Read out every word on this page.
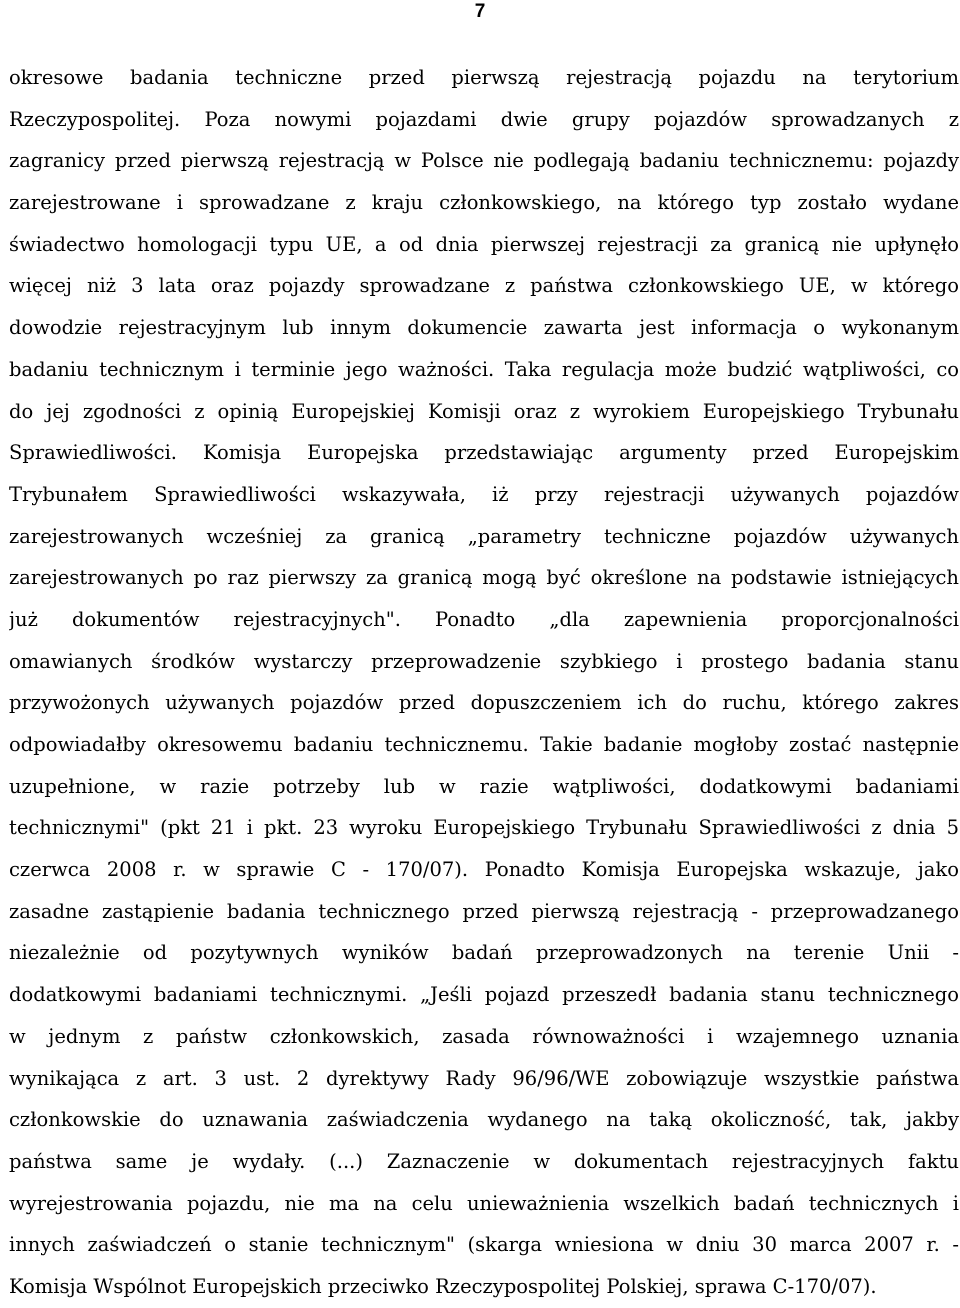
7
okresowe badania techniczne przed pierwszą rejestracją pojazdu na terytorium
Rzeczypospolitej. Poza nowymi pojazdami dwie grupy pojazdów sprowadzanych z
zagranicy przed pierwszą rejestracją w Polsce nie podlegają badaniu technicznemu: pojazdy
zarejestrowane i sprowadzane z kraju członkowskiego, na którego typ zostało wydane
świadectwo homologacji typu UE, a od dnia pierwszej rejestracji za granicą nie upłynęło
więcej niż 3 lata oraz pojazdy sprowadzane z państwa członkowskiego UE, w którego
dowodzie rejestracyjnym lub innym dokumencie zawarta jest informacja o wykonanym
badaniu technicznym i terminie jego ważności. Taka regulacja może budzić wątpliwości, co
do jej zgodności z opinią Europejskiej Komisji oraz z wyrokiem Europejskiego Trybunału
Sprawiedliwości. Komisja Europejska przedstawiając argumenty przed Europejskim
Trybunałem Sprawiedliwości wskazywała, iż przy rejestracji używanych pojazdów
zarejestrowanych wcześniej za granicą „parametry techniczne pojazdów używanych
zarejestrowanych po raz pierwszy za granicą mogą być określone na podstawie istniejących
już dokumentów rejestracyjnych". Ponadto „dla zapewnienia proporcjonalności
omawianych środków wystarczy przeprowadzenie szybkiego i prostego badania stanu
przywożonych używanych pojazdów przed dopuszczeniem ich do ruchu, którego zakres
odpowiadałby okresowemu badaniu technicznemu. Takie badanie mogłoby zostać następnie
uzupełnione, w razie potrzeby lub w razie wątpliwości, dodatkowymi badaniami
technicznymi" (pkt 21 i pkt. 23 wyroku Europejskiego Trybunału Sprawiedliwości z dnia 5
czerwca 2008 r. w sprawie C - 170/07). Ponadto Komisja Europejska wskazuje, jako
zasadne zastąpienie badania technicznego przed pierwszą rejestracją - przeprowadzanego
niezależnie od pozytywnych wyników badań przeprowadzonych na terenie Unii -
dodatkowymi badaniami technicznymi. „Jeśli pojazd przeszedł badania stanu technicznego
w jednym z państw członkowskich, zasada równoważności i wzajemnego uznania
wynikająca z art. 3 ust. 2 dyrektywy Rady 96/96/WE zobowiązuje wszystkie państwa
członkowskie do uznawania zaświadczenia wydanego na taką okoliczność, tak, jakby
państwa same je wydały. (...) Zaznaczenie w dokumentach rejestracyjnych faktu
wyrejestrowania pojazdu, nie ma na celu unieważnienia wszelkich badań technicznych i
innych zaświadczeń o stanie technicznym" (skarga wniesiona w dniu 30 marca 2007 r. -
Komisja Wspólnot Europejskich przeciwko Rzeczypospolitej Polskiej, sprawa C-170/07).
